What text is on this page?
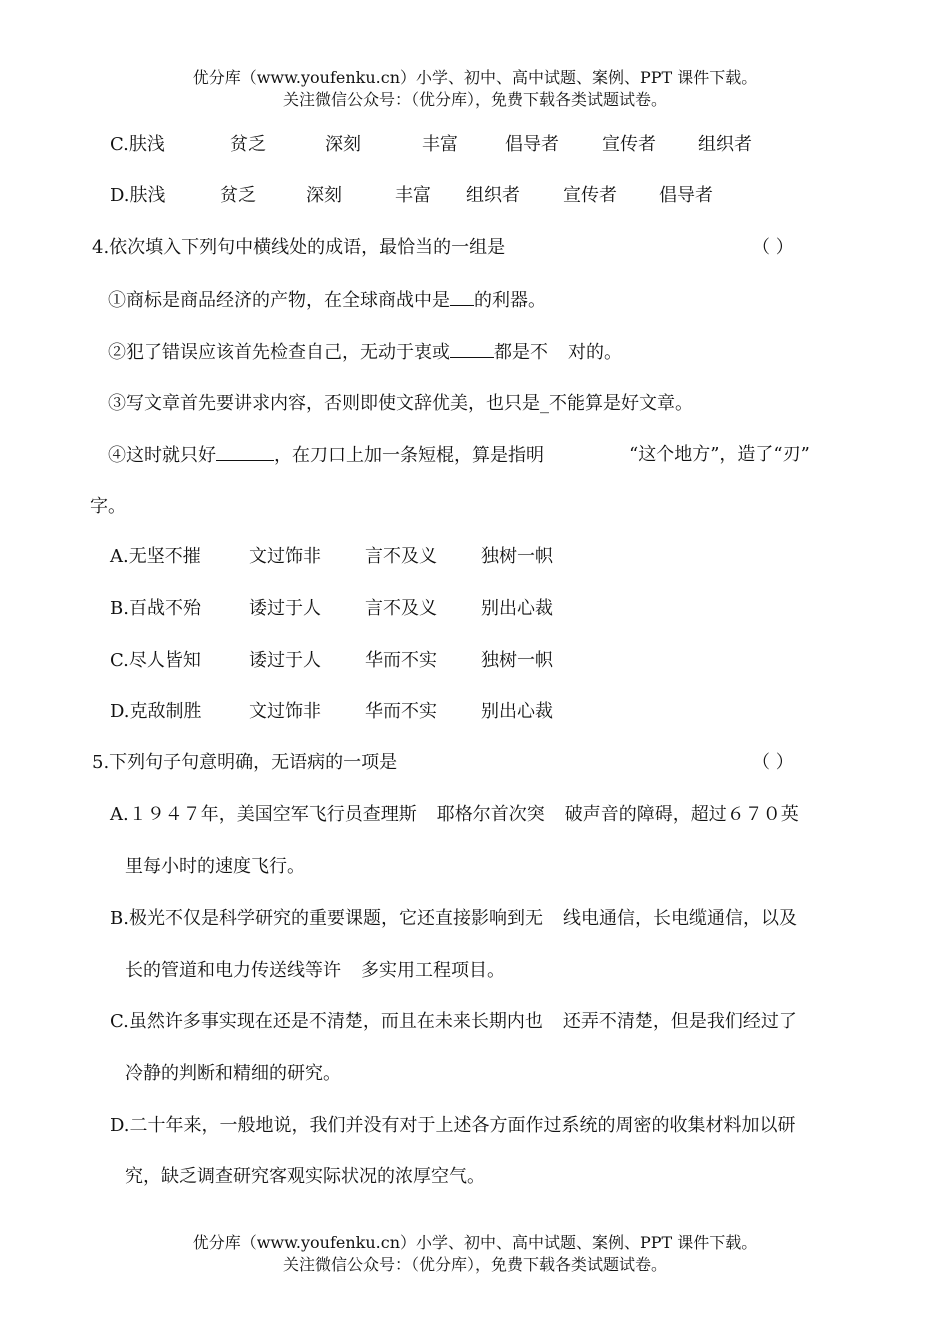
优分库（www.youfenku.cn）小学、初中、高中试题、案例、PPT 课件下载。
关注微信公众号：（优分库），免费下载各类试题试卷。
C.肤浅	贫乏	深刻	丰富	倡导者 宣传者 组织者
D.肤浅	贫乏	深刻	丰富 组织者 宣传者 倡导者
4.依次填入下列句中横线处的成语，最恰当的一组是	（ ）
①商标是商品经济的产物，在全球商战中是 的利器。
②犯了错误应该首先检查自己，无动于衷或 都是不 对的。
③写文章首先要讲求内容，否则即使文辞优美，也只是_不能算是好文章。
④这时就只好	，在刀口上加一条短棍，算是指明	“这个地方”，造了“刃”
字。
A.无坚不摧	文过饰非 言不及义 独树一帜
B.百战不殆	诿过于人 言不及义 别出心裁
C.尽人皆知	诿过于人 华而不实 独树一帜
D.克敌制胜	文过饰非 华而不实 别出心裁
5.下列句子句意明确，无语病的一项是	（ ）
A.１９４７年，美国空军飞行员查理斯 耶格尔首次突 破声音的障碍，超过６７０英
里每小时的速度飞行。
B.极光不仅是科学研究的重要课题，它还直接影响到无 线电通信，长电缆通信，以及
长的管道和电力传送线等许 多实用工程项目。
C.虽然许多事实现在还是不清楚，而且在未来长期内也 还弄不清楚，但是我们经过了
冷静的判断和精细的研究。
D.二十年来，一般地说，我们并没有对于上述各方面作过系统的周密的收集材料加以研
究，缺乏调查研究客观实际状况的浓厚空气。
优分库（www.youfenku.cn）小学、初中、高中试题、案例、PPT 课件下载。
关注微信公众号：（优分库），免费下载各类试题试卷。
